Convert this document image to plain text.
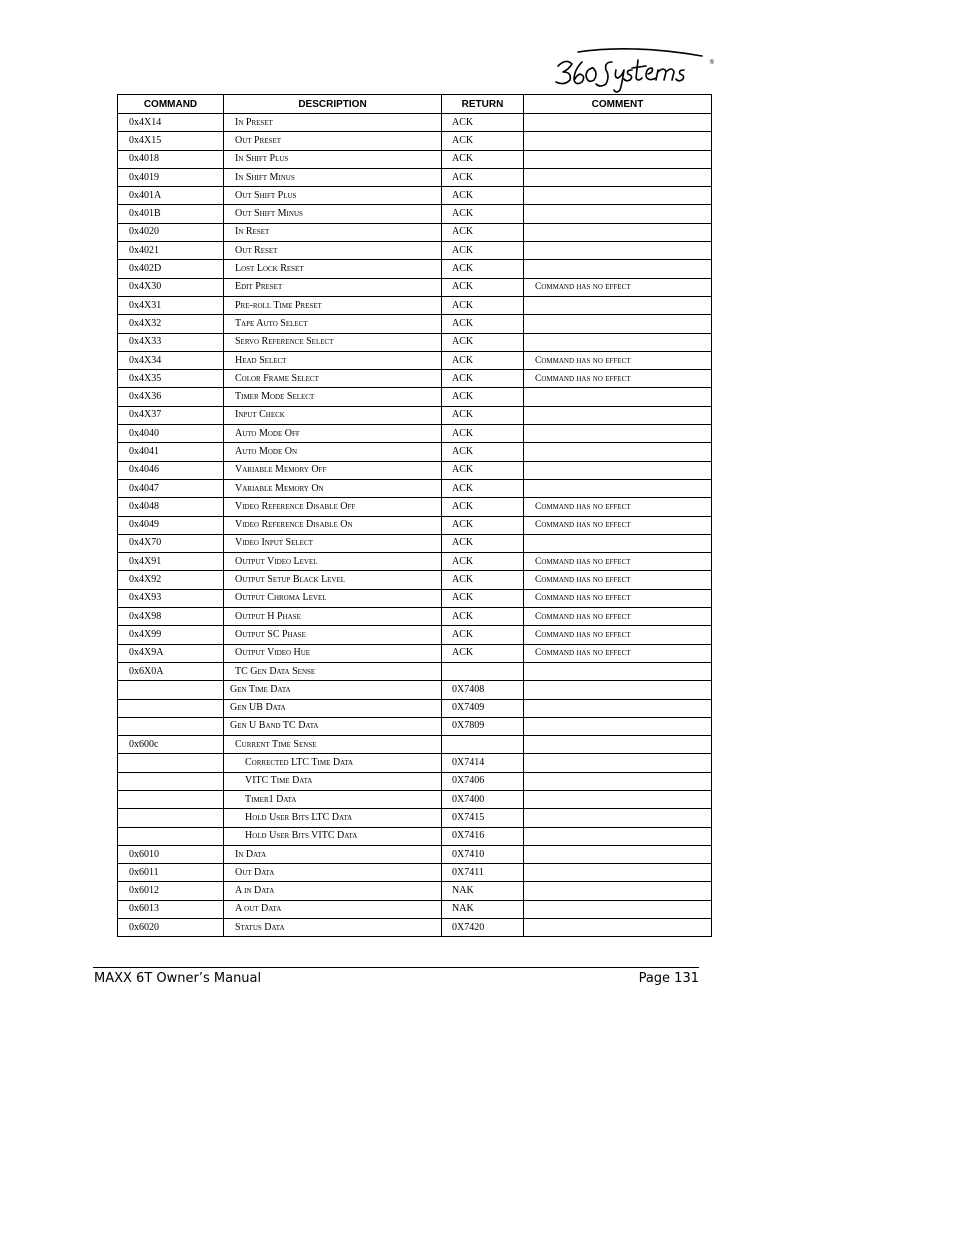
®
COMMAND	DESCRIPTION	RETURN	COMMENT
0x4X14	In Preset	ACK	
0x4X15	Out Preset	ACK	
0x4018	In Shift Plus	ACK	
0x4019	In Shift Minus	ACK	
0x401A	Out Shift Plus	ACK	
0x401B	Out Shift Minus	ACK	
0x4020	In Reset	ACK	
0x4021	Out Reset	ACK	
0x402D	Lost Lock Reset	ACK	
0x4X30	Edit Preset	ACK	Command has no effect
0x4X31	Pre-roll Time Preset	ACK	
0x4X32	Tape Auto Select	ACK	
0x4X33	Servo Reference Select	ACK	
0x4X34	Head Select	ACK	Command has no effect
0x4X35	Color Frame Select	ACK	Command has no effect
0x4X36	Timer Mode Select	ACK	
0x4X37	Input Check	ACK	
0x4040	Auto Mode Off	ACK	
0x4041	Auto Mode On	ACK	
0x4046	Variable Memory Off	ACK	
0x4047	Variable Memory On	ACK	
0x4048	Video Reference Disable Off	ACK	Command has no effect
0x4049	Video Reference Disable On	ACK	Command has no effect
0x4X70	Video Input Select	ACK	
0x4X91	Output Video Level	ACK	Command has no effect
0x4X92	Output Setup Black Level	ACK	Command has no effect
0x4X93	Output Chroma Level	ACK	Command has no effect
0x4X98	Output H Phase	ACK	Command has no effect
0x4X99	Output SC Phase	ACK	Command has no effect
0x4X9A	Output Video Hue	ACK	Command has no effect
0x6X0A	TC Gen Data Sense		
	Gen Time Data	0X7408	
	Gen UB Data	0X7409	
	Gen U Band TC Data	0X7809	
0x600c	Current Time Sense		
	Corrected LTC Time Data	0X7414	
	VITC Time Data	0X7406	
	Timer1 Data	0X7400	
	Hold User Bits LTC Data	0X7415	
	Hold User Bits VITC Data	0X7416	
0x6010	In Data	0X7410	
0x6011	Out Data	0X7411	
0x6012	A in Data	NAK	
0x6013	A out Data	NAK	
0x6020	Status Data	0X7420	
MAXX 6T Owner’s Manual	Page 131
